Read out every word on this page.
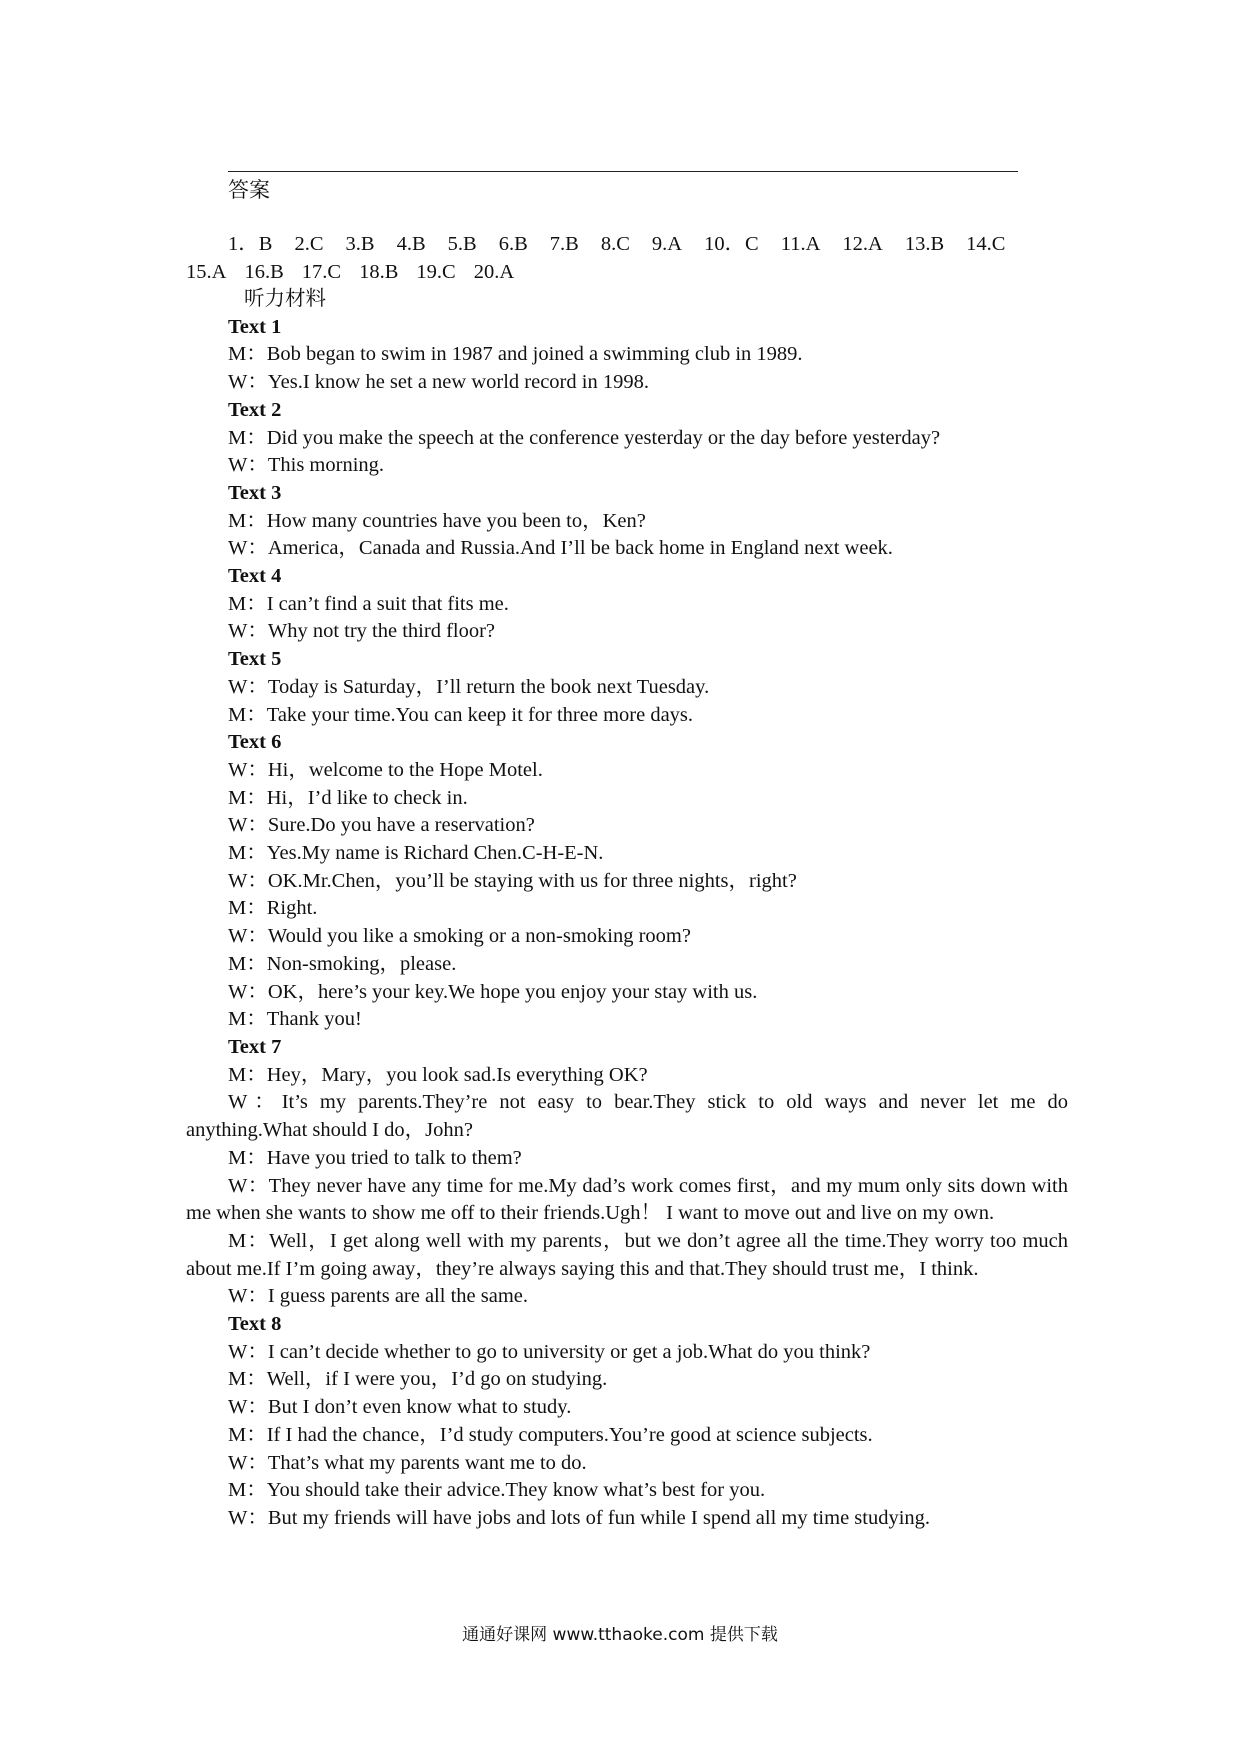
答案
1．B 2.C 3.B 4.B 5.B 6.B 7.B 8.C 9.A 10．C 11.A 12.A 13.B 14.C
15.A 16.B 17.C 18.B 19.C 20.A
听力材料
Text 1
M：Bob began to swim in 1987 and joined a swimming club in 1989.
W：Yes.I know he set a new world record in 1998.
Text 2
M：Did you make the speech at the conference yesterday or the day before yesterday?
W：This morning.
Text 3
M：How many countries have you been to，Ken?
W：America，Canada and Russia.And I’ll be back home in England next week.
Text 4
M：I can’t find a suit that fits me.
W：Why not try the third floor?
Text 5
W：Today is Saturday，I’ll return the book next Tuesday.
M：Take your time.You can keep it for three more days.
Text 6
W：Hi，welcome to the Hope Motel.
M：Hi，I’d like to check in.
W：Sure.Do you have a reservation?
M：Yes.My name is Richard Chen.C-H-E-N.
W：OK.Mr.Chen，you’ll be staying with us for three nights，right?
M：Right.
W：Would you like a smoking or a non-smoking room?
M：Non-smoking，please.
W：OK，here’s your key.We hope you enjoy your stay with us.
M：Thank you!
Text 7
M：Hey，Mary，you look sad.Is everything OK?
W：It’s my parents.They’re not easy to bear.They stick to old ways and never let me do anything.What should I do，John?
M：Have you tried to talk to them?
W：They never have any time for me.My dad’s work comes first，and my mum only sits down with me when she wants to show me off to their friends.Ugh！ I want to move out and live on my own.
M：Well，I get along well with my parents，but we don’t agree all the time.They worry too much about me.If I’m going away，they’re always saying this and that.They should trust me，I think.
W：I guess parents are all the same.
Text 8
W：I can’t decide whether to go to university or get a job.What do you think?
M：Well，if I were you，I’d go on studying.
W：But I don’t even know what to study.
M：If I had the chance，I’d study computers.You’re good at science subjects.
W：That’s what my parents want me to do.
M：You should take their advice.They know what’s best for you.
W：But my friends will have jobs and lots of fun while I spend all my time studying.
通通好课网 www.tthaoke.com 提供下载
